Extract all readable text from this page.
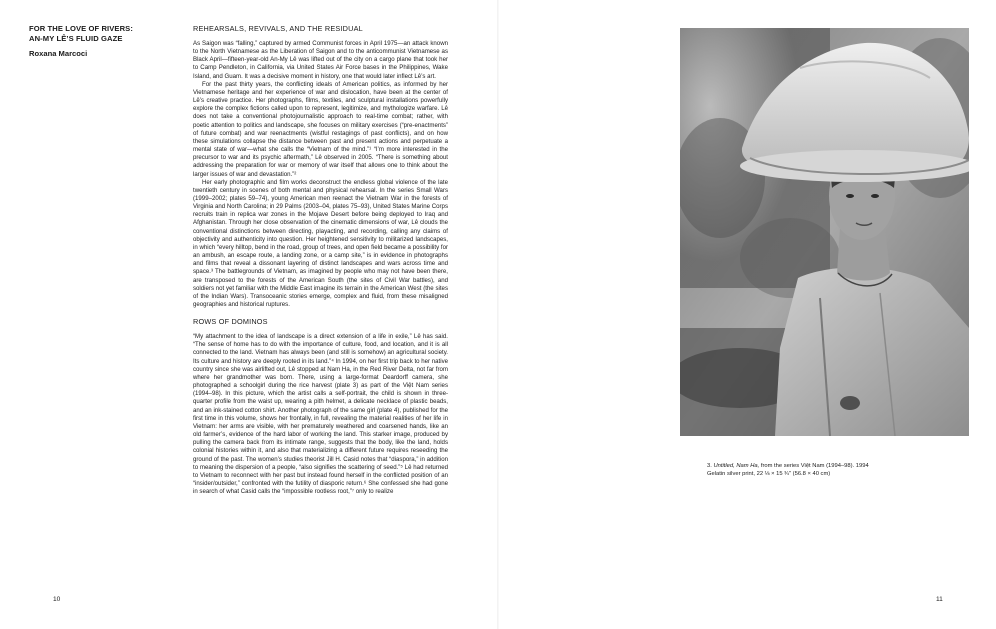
FOR THE LOVE OF RIVERS:
AN-MY LÊ’S FLUID GAZE
Roxana Marcoci
REHEARSALS, REVIVALS, AND THE RESIDUAL

As Saigon was “falling,” captured by armed Communist forces in April 1975—an attack known to the North Vietnamese as the Liberation of Saigon and to the anticommunist Vietnamese as Black April—fifteen-year-old An-My Lê was lifted out of the city on a cargo plane that took her to Camp Pendleton, in California, via United States Air Force bases in the Philippines, Wake Island, and Guam. It was a decisive moment in history, one that would later inflect Lê’s art.

For the past thirty years, the conflicting ideals of American politics, as informed by her Vietnamese heritage and her experience of war and dislocation, have been at the center of Lê’s creative practice. Her photographs, films, textiles, and sculptural installations powerfully explore the complex fictions called upon to represent, legitimize, and mythologize warfare. Lê does not take a conventional photojournalistic approach to real-time combat; rather, with poetic attention to politics and landscape, she focuses on military exercises (“pre-enactments” of future combat) and war reenactments (wistful restagings of past conflicts), and on how these simulations collapse the distance between past and present actions and perpetuate a mental state of war—what she calls the “Vietnam of the mind.”¹ “I’m more interested in the precursor to war and its psychic aftermath,” Lê observed in 2005. “There is something about addressing the preparation for war or memory of war itself that allows one to think about the larger issues of war and devastation.”²

Her early photographic and film works deconstruct the endless global violence of the late twentieth century in scenes of both mental and physical rehearsal. In the series Small Wars (1999–2002; plates 59–74), young American men reenact the Vietnam War in the forests of Virginia and North Carolina; in 29 Palms (2003–04, plates 75–93), United States Marine Corps recruits train in replica war zones in the Mojave Desert before being deployed to Iraq and Afghanistan. Through her close observation of the cinematic dimensions of war, Lê clouds the conventional distinctions between directing, playacting, and recording, calling any claims of objectivity and authenticity into question. Her heightened sensitivity to militarized landscapes, in which “every hilltop, bend in the road, group of trees, and open field became a possibility for an ambush, an escape route, a landing zone, or a camp site,” is in evidence in photographs and films that reveal a dissonant layering of distinct landscapes and wars across time and space.³ The battlegrounds of Vietnam, as imagined by people who may not have been there, are transposed to the forests of the American South (the sites of Civil War battles), and soldiers not yet familiar with the Middle East imagine its terrain in the American West (the sites of the Indian Wars). Transoceanic stories emerge, complex and fluid, from these misaligned geographies and historical ruptures.

ROWS OF DOMINOS

“My attachment to the idea of landscape is a direct extension of a life in exile,” Lê has said. “The sense of home has to do with the importance of culture, food, and location, and it is all connected to the land. Vietnam has always been (and still is somehow) an agricultural society. Its culture and history are deeply rooted in its land.”⁴ In 1994, on her first trip back to her native country since she was airlifted out, Lê stopped at Nam Ha, in the Red River Delta, not far from where her grandmother was born. There, using a large-format Deardorff camera, she photographed a schoolgirl during the rice harvest (plate 3) as part of the Việt Nam series (1994–98). In this picture, which the artist calls a self-portrait, the child is shown in three-quarter profile from the waist up, wearing a pith helmet, a delicate necklace of plastic beads, and an ink-stained cotton shirt. Another photograph of the same girl (plate 4), published for the first time in this volume, shows her frontally, in full, revealing the material realities of her life in Vietnam: her arms are visible, with her prematurely weathered and coarsened hands, like an old farmer’s, evidence of the hard labor of working the land. This starker image, produced by pulling the camera back from its intimate range, suggests that the body, like the land, holds colonial histories within it, and also that materializing a different future requires reseeding the ground of the past. The women’s studies theorist Jill H. Casid notes that “diaspora,” in addition to meaning the dispersion of a people, “also signifies the scattering of seed.”⁵ Lê had returned to Vietnam to reconnect with her past but instead found herself in the conflicted position of an “insider/outsider,” confronted with the futility of diasporic return.⁶ She confessed she had gone in search of what Casid calls the “impossible rootless root,”⁷ only to realize

10
3. Untitled, Nam Ha, from the series Việt Nam (1994–98). 1994
Gelatin silver print, 22 ⅛ × 15 ¾" (56.8 × 40 cm)
11
